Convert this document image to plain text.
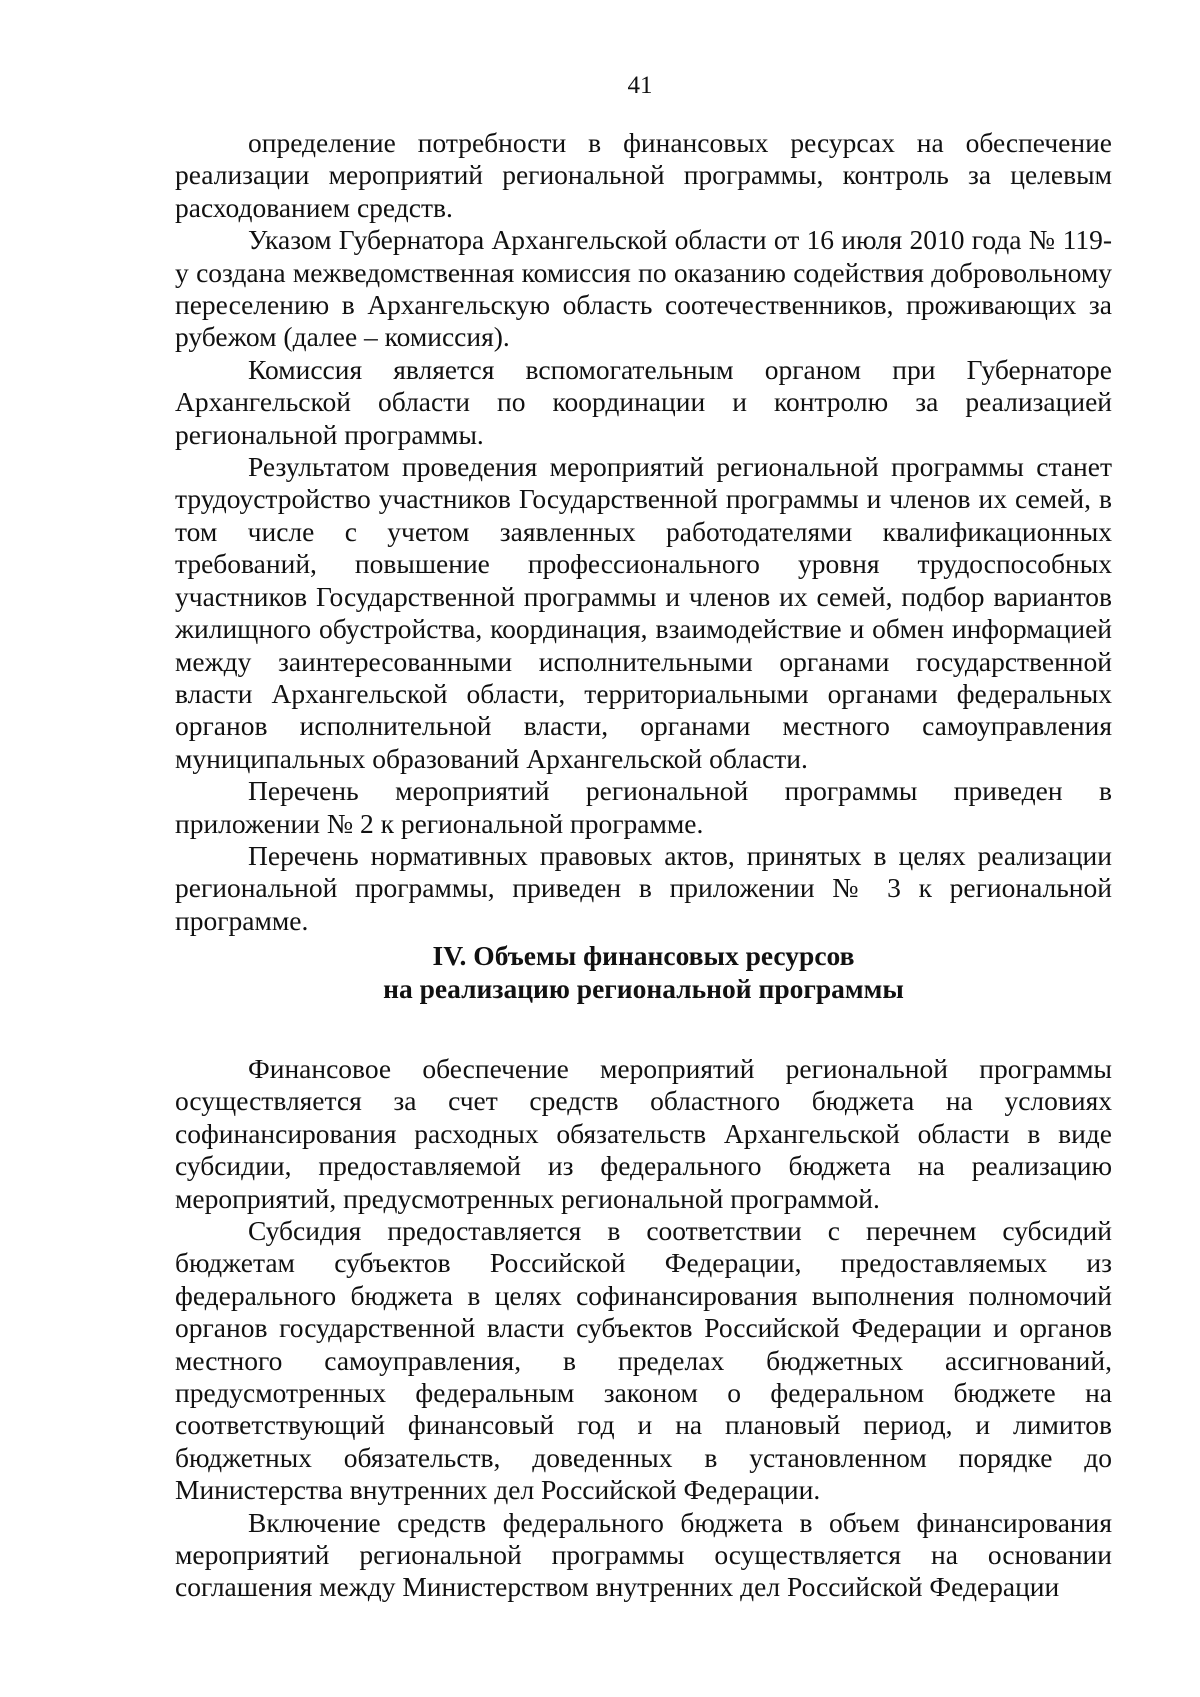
41

определение потребности в финансовых ресурсах на обеспечение реализации мероприятий региональной программы, контроль за целевым расходованием средств.

Указом Губернатора Архангельской области от 16 июля 2010 года № 119-у создана межведомственная комиссия по оказанию содействия добровольному переселению в Архангельскую область соотечественников, проживающих за рубежом (далее – комиссия).

Комиссия является вспомогательным органом при Губернаторе Архангельской области по координации и контролю за реализацией региональной программы.

Результатом проведения мероприятий региональной программы станет трудоустройство участников Государственной программы и членов их семей, в том числе с учетом заявленных работодателями квалификационных требований, повышение профессионального уровня трудоспособных участников Государственной программы и членов их семей, подбор вариантов жилищного обустройства, координация, взаимодействие и обмен информацией между заинтересованными исполнительными органами государственной власти Архангельской области, территориальными органами федеральных органов исполнительной власти, органами местного самоуправления муниципальных образований Архангельской области.

Перечень мероприятий региональной программы приведен в приложении № 2 к региональной программе.

Перечень нормативных правовых актов, принятых в целях реализации региональной программы, приведен в приложении № 3 к региональной программе.

IV. Объемы финансовых ресурсов
на реализацию региональной программы

Финансовое обеспечение мероприятий региональной программы осуществляется за счет средств областного бюджета на условиях софинансирования расходных обязательств Архангельской области в виде субсидии, предоставляемой из федерального бюджета на реализацию мероприятий, предусмотренных региональной программой.

Субсидия предоставляется в соответствии с перечнем субсидий бюджетам субъектов Российской Федерации, предоставляемых из федерального бюджета в целях софинансирования выполнения полномочий органов государственной власти субъектов Российской Федерации и органов местного самоуправления, в пределах бюджетных ассигнований, предусмотренных федеральным законом о федеральном бюджете на соответствующий финансовый год и на плановый период, и лимитов бюджетных обязательств, доведенных в установленном порядке до Министерства внутренних дел Российской Федерации.

Включение средств федерального бюджета в объем финансирования мероприятий региональной программы осуществляется на основании соглашения между Министерством внутренних дел Российской Федерации
